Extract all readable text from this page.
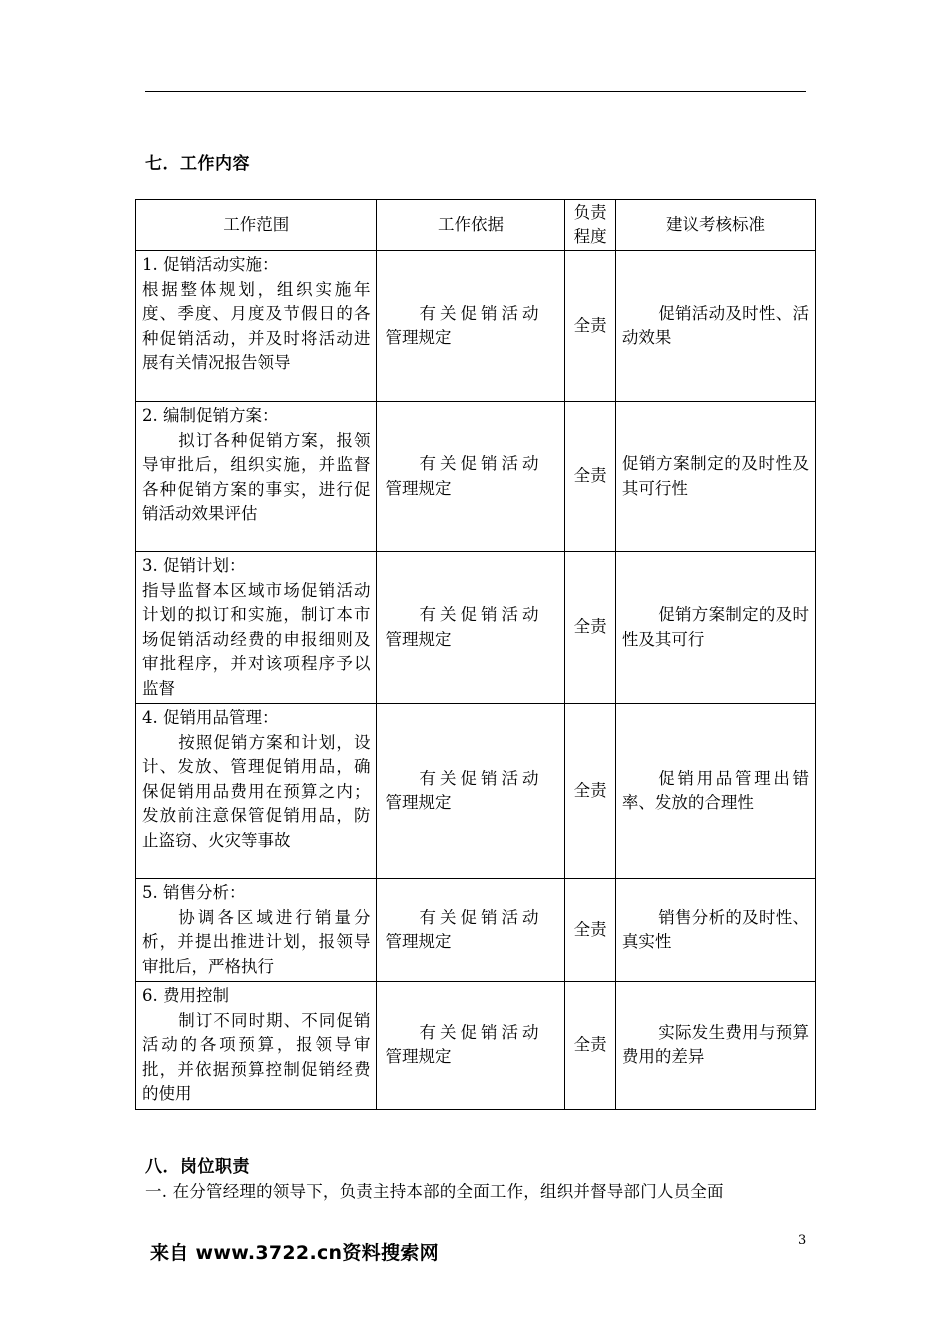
七．工作内容
工作范围	工作依据	负责程度	建议考核标准

1. 促销活动实施：
根据整体规划，组织实施年度、季度、月度及节假日的各种促销活动，并及时将活动进展有关情况报告领导	有关促销活动
管理规定	全责	促销活动及时性、活动效果

2. 编制促销方案：
拟订各种促销方案，报领导审批后，组织实施，并监督各种促销方案的事实，进行促销活动效果评估	有关促销活动
管理规定	全责	促销方案制定的及时性及其可行性

3. 促销计划：
指导监督本区域市场促销活动计划的拟订和实施，制订本市场促销活动经费的申报细则及审批程序，并对该项程序予以监督	有关促销活动
管理规定	全责	促销方案制定的及时性及其可行

4. 促销用品管理：
按照促销方案和计划，设计、发放、管理促销用品，确保促销用品费用在预算之内；发放前注意保管促销用品，防止盗窃、火灾等事故	有关促销活动
管理规定	全责	促销用品管理出错率、发放的合理性

5. 销售分析：
协调各区域进行销量分析，并提出推进计划，报领导审批后，严格执行	有关促销活动
管理规定	全责	销售分析的及时性、真实性

6. 费用控制
制订不同时期、不同促销活动的各项预算，报领导审批，并依据预算控制促销经费的使用	有关促销活动
管理规定	全责	实际发生费用与预算费用的差异
八．岗位职责
一. 在分管经理的领导下，负责主持本部的全面工作，组织并督导部门人员全面
3
来自 www.3722.cn资料搜索网
